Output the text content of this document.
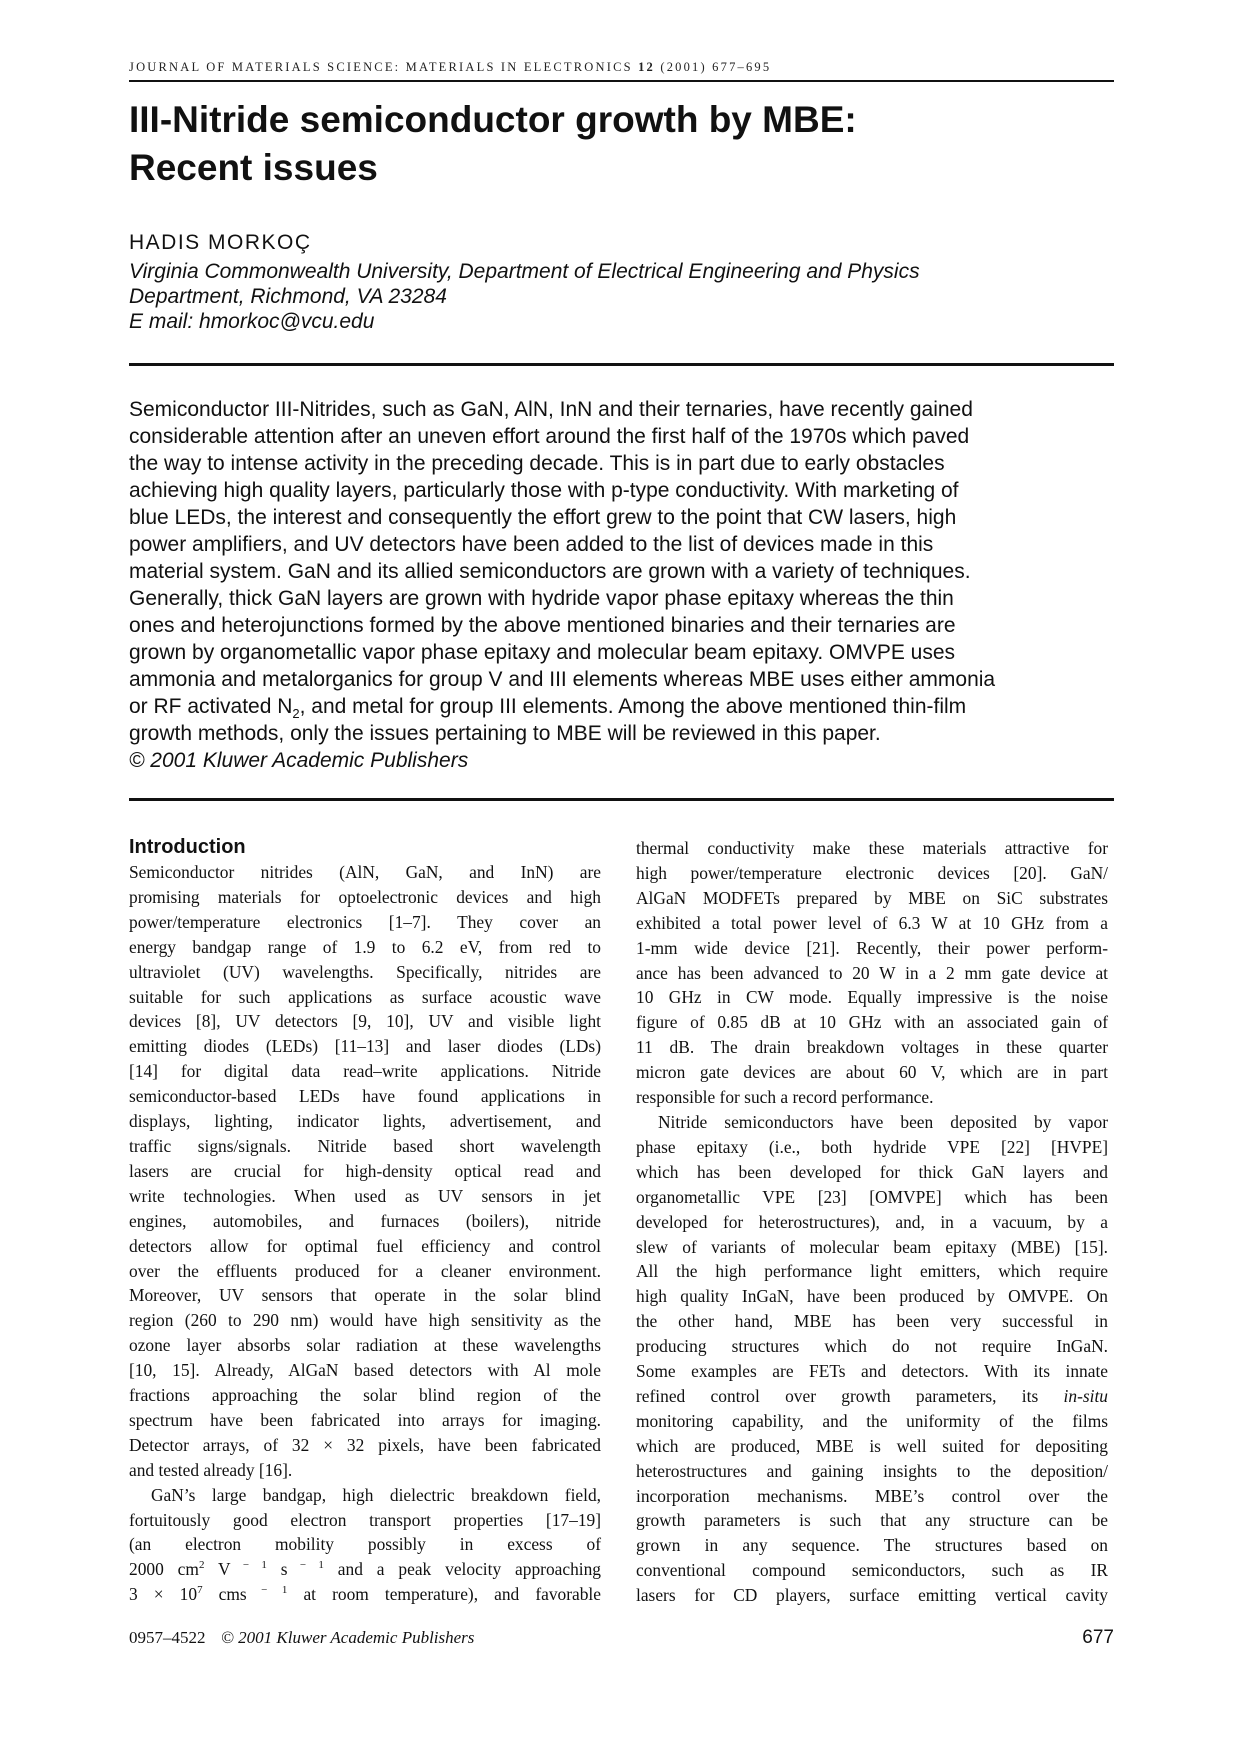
JOURNAL OF MATERIALS SCIENCE: MATERIALS IN ELECTRONICS 12 (2001) 677–695
III-Nitride semiconductor growth by MBE:
Recent issues
HADIS MORKOÇ
Virginia Commonwealth University, Department of Electrical Engineering and Physics
Department, Richmond, VA 23284
E mail: hmorkoc@vcu.edu
Semiconductor III-Nitrides, such as GaN, AlN, InN and their ternaries, have recently gained
considerable attention after an uneven effort around the first half of the 1970s which paved
the way to intense activity in the preceding decade. This is in part due to early obstacles
achieving high quality layers, particularly those with p-type conductivity. With marketing of
blue LEDs, the interest and consequently the effort grew to the point that CW lasers, high
power amplifiers, and UV detectors have been added to the list of devices made in this
material system. GaN and its allied semiconductors are grown with a variety of techniques.
Generally, thick GaN layers are grown with hydride vapor phase epitaxy whereas the thin
ones and heterojunctions formed by the above mentioned binaries and their ternaries are
grown by organometallic vapor phase epitaxy and molecular beam epitaxy. OMVPE uses
ammonia and metalorganics for group V and III elements whereas MBE uses either ammonia
or RF activated $N_2$, and metal for group III elements. Among the above mentioned thin-film
growth methods, only the issues pertaining to MBE will be reviewed in this paper.
© 2001 Kluwer Academic Publishers
Introduction
Semiconductor nitrides (AlN, GaN, and InN) are
promising materials for optoelectronic devices and high
power/temperature electronics [1–7]. They cover an
energy bandgap range of 1.9 to 6.2 eV, from red to
ultraviolet (UV) wavelengths. Specifically, nitrides are
suitable for such applications as surface acoustic wave
devices [8], UV detectors [9, 10], UV and visible light
emitting diodes (LEDs) [11–13] and laser diodes (LDs)
[14] for digital data read–write applications. Nitride
semiconductor-based LEDs have found applications in
displays, lighting, indicator lights, advertisement, and
traffic signs/signals. Nitride based short wavelength
lasers are crucial for high-density optical read and
write technologies. When used as UV sensors in jet
engines, automobiles, and furnaces (boilers), nitride
detectors allow for optimal fuel efficiency and control
over the effluents produced for a cleaner environment.
Moreover, UV sensors that operate in the solar blind
region (260 to 290 nm) would have high sensitivity as the
ozone layer absorbs solar radiation at these wavelengths
[10, 15]. Already, AlGaN based detectors with Al mole
fractions approaching the solar blind region of the
spectrum have been fabricated into arrays for imaging.
Detector arrays, of 32 × 32 pixels, have been fabricated
and tested already [16].
GaN’s large bandgap, high dielectric breakdown field,
fortuitously good electron transport properties [17–19]
(an electron mobility possibly in excess of
2000 $cm^2$ V $^{- 1}$ s $^{- 1}$ and a peak velocity approaching
$3 \times 10^7$ cms $^{- 1}$ at room temperature), and favorable
thermal conductivity make these materials attractive for
high power/temperature electronic devices [20]. GaN/
AlGaN MODFETs prepared by MBE on SiC substrates
exhibited a total power level of 6.3 W at 10 GHz from a
1-mm wide device [21]. Recently, their power perform-
ance has been advanced to 20 W in a 2 mm gate device at
10 GHz in CW mode. Equally impressive is the noise
figure of 0.85 dB at 10 GHz with an associated gain of
11 dB. The drain breakdown voltages in these quarter
micron gate devices are about 60 V, which are in part
responsible for such a record performance.
Nitride semiconductors have been deposited by vapor
phase epitaxy (i.e., both hydride VPE [22] [HVPE]
which has been developed for thick GaN layers and
organometallic VPE [23] [OMVPE] which has been
developed for heterostructures), and, in a vacuum, by a
slew of variants of molecular beam epitaxy (MBE) [15].
All the high performance light emitters, which require
high quality InGaN, have been produced by OMVPE. On
the other hand, MBE has been very successful in
producing structures which do not require InGaN.
Some examples are FETs and detectors. With its innate
refined control over growth parameters, its in-situ
monitoring capability, and the uniformity of the films
which are produced, MBE is well suited for depositing
heterostructures and gaining insights to the deposition/
incorporation mechanisms. MBE’s control over the
growth parameters is such that any structure can be
grown in any sequence. The structures based on
conventional compound semiconductors, such as IR
lasers for CD players, surface emitting vertical cavity
0957–4522 © 2001 Kluwer Academic Publishers	677
